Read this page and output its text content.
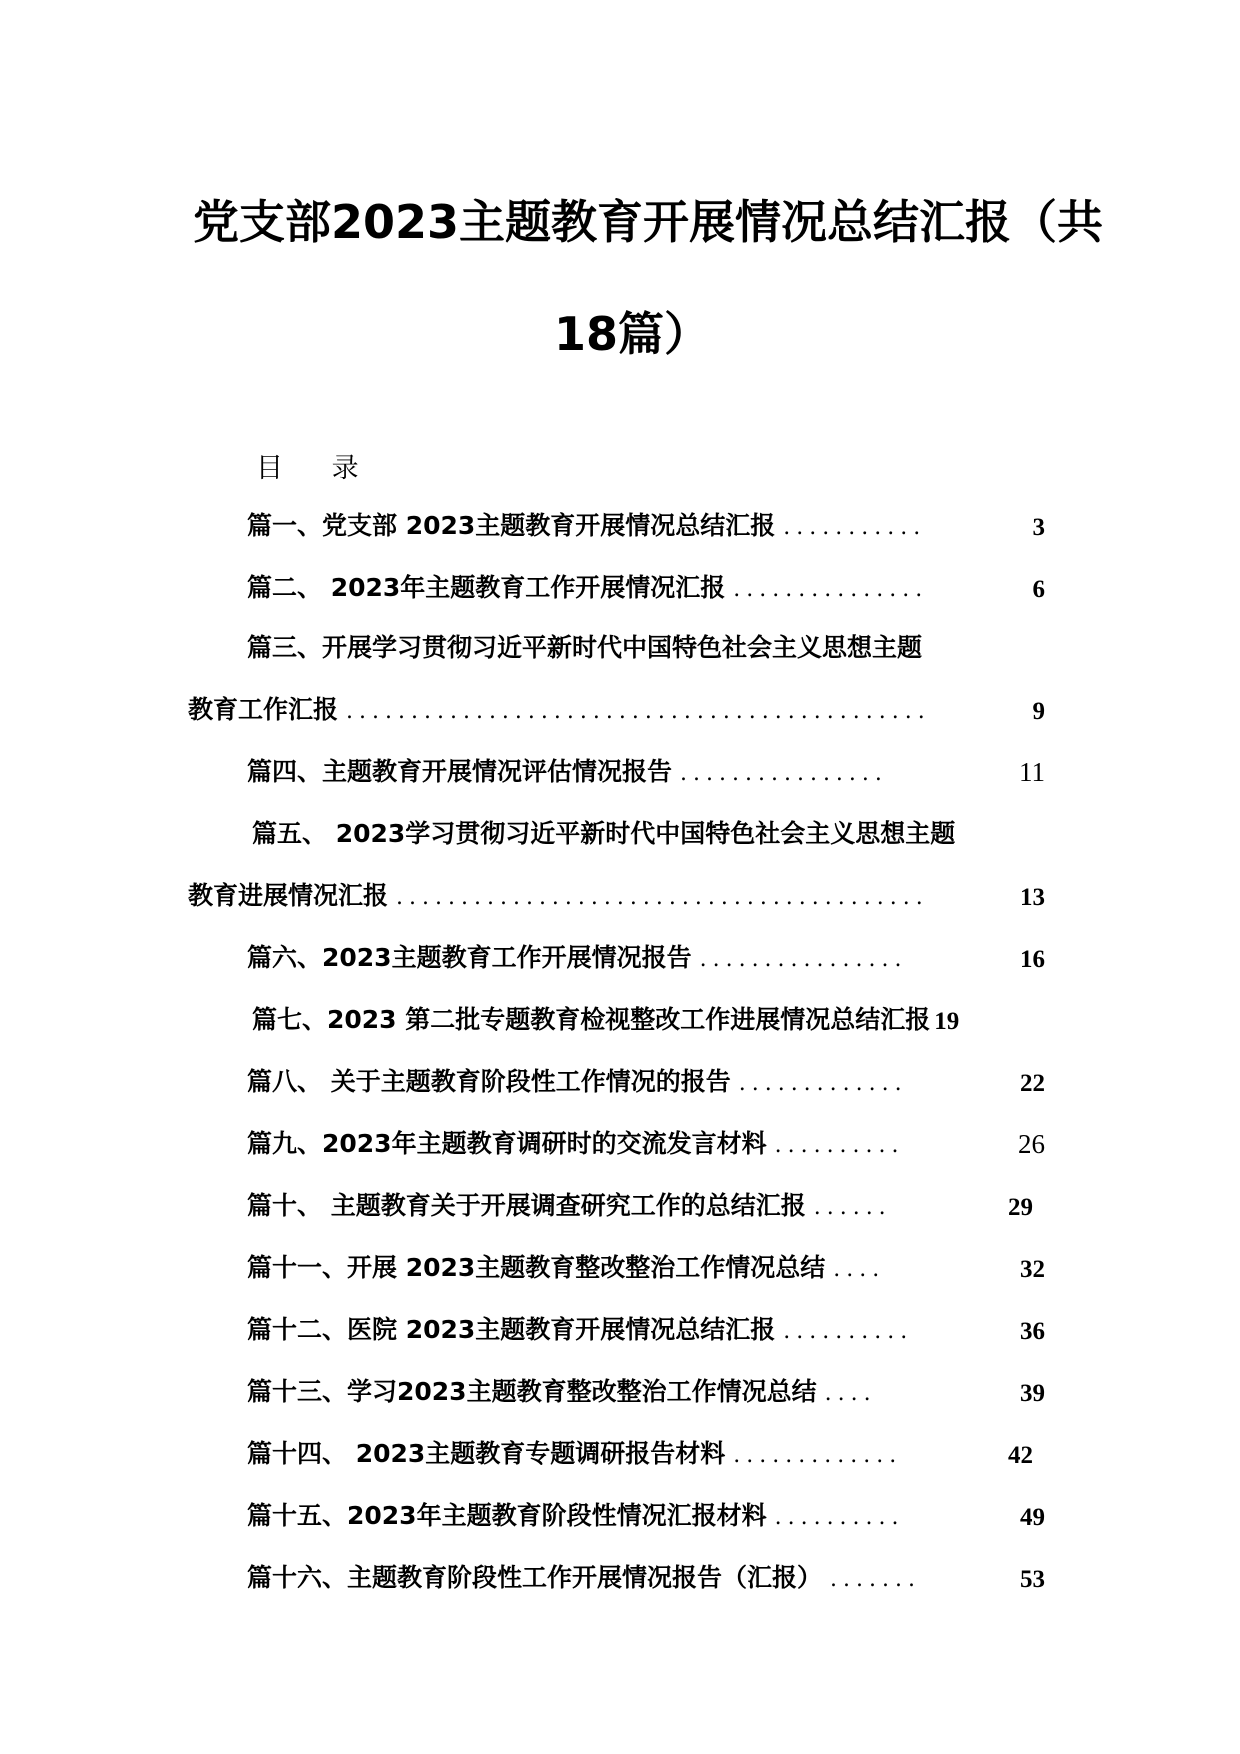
党支部2023主题教育开展情况总结汇报（共
18篇）
目 录
篇一、党支部 2023主题教育开展情况总结汇报 ...........	3
篇二、 2023年主题教育工作开展情况汇报 ...............	6
篇三、开展学习贯彻习近平新时代中国特色社会主义思想主题
教育工作汇报 .............................................	9
篇四、主题教育开展情况评估情况报告 ................	11
篇五、 2023学习贯彻习近平新时代中国特色社会主义思想主题
教育进展情况汇报 .........................................	13
篇六、2023主题教育工作开展情况报告 ................	16
篇七、2023 第二批专题教育检视整改工作进展情况总结汇报 19
篇八、 关于主题教育阶段性工作情况的报告 .............	22
篇九、2023年主题教育调研时的交流发言材料 ..........	26
篇十、 主题教育关于开展调查研究工作的总结汇报 ......	29
篇十一、开展 2023主题教育整改整治工作情况总结 ....	32
篇十二、医院 2023主题教育开展情况总结汇报 ..........	36
篇十三、学习2023主题教育整改整治工作情况总结 ....	39
篇十四、 2023主题教育专题调研报告材料 .............	42
篇十五、2023年主题教育阶段性情况汇报材料 ..........	49
篇十六、主题教育阶段性工作开展情况报告（汇报） .......	53
